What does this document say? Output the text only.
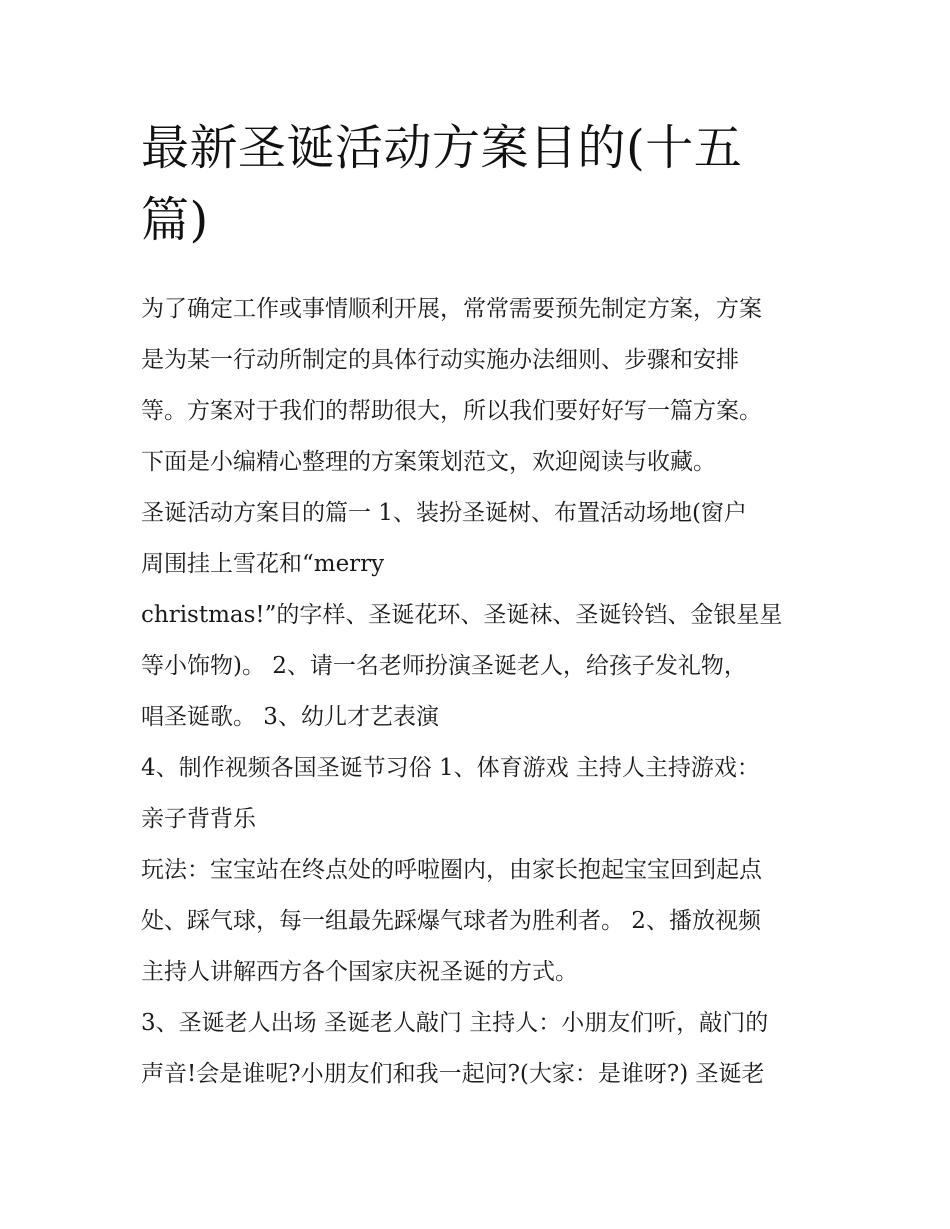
最新圣诞活动方案目的(十五
篇)

为了确定工作或事情顺利开展，常常需要预先制定方案，方案

是为某一行动所制定的具体行动实施办法细则、步骤和安排

等。方案对于我们的帮助很大，所以我们要好好写一篇方案。

下面是小编精心整理的方案策划范文，欢迎阅读与收藏。

圣诞活动方案目的篇一 1、装扮圣诞树、布置活动场地(窗户

周围挂上雪花和“merry

christmas!”的字样、圣诞花环、圣诞袜、圣诞铃铛、金银星星

等小饰物)。 2、请一名老师扮演圣诞老人，给孩子发礼物，

唱圣诞歌。 3、幼儿才艺表演

4、制作视频各国圣诞节习俗 1、体育游戏 主持人主持游戏：

亲子背背乐

玩法：宝宝站在终点处的呼啦圈内，由家长抱起宝宝回到起点

处、踩气球，每一组最先踩爆气球者为胜利者。 2、播放视频

主持人讲解西方各个国家庆祝圣诞的方式。

3、圣诞老人出场 圣诞老人敲门 主持人：小朋友们听，敲门的

声音!会是谁呢?小朋友们和我一起问?(大家：是谁呀?) 圣诞老
